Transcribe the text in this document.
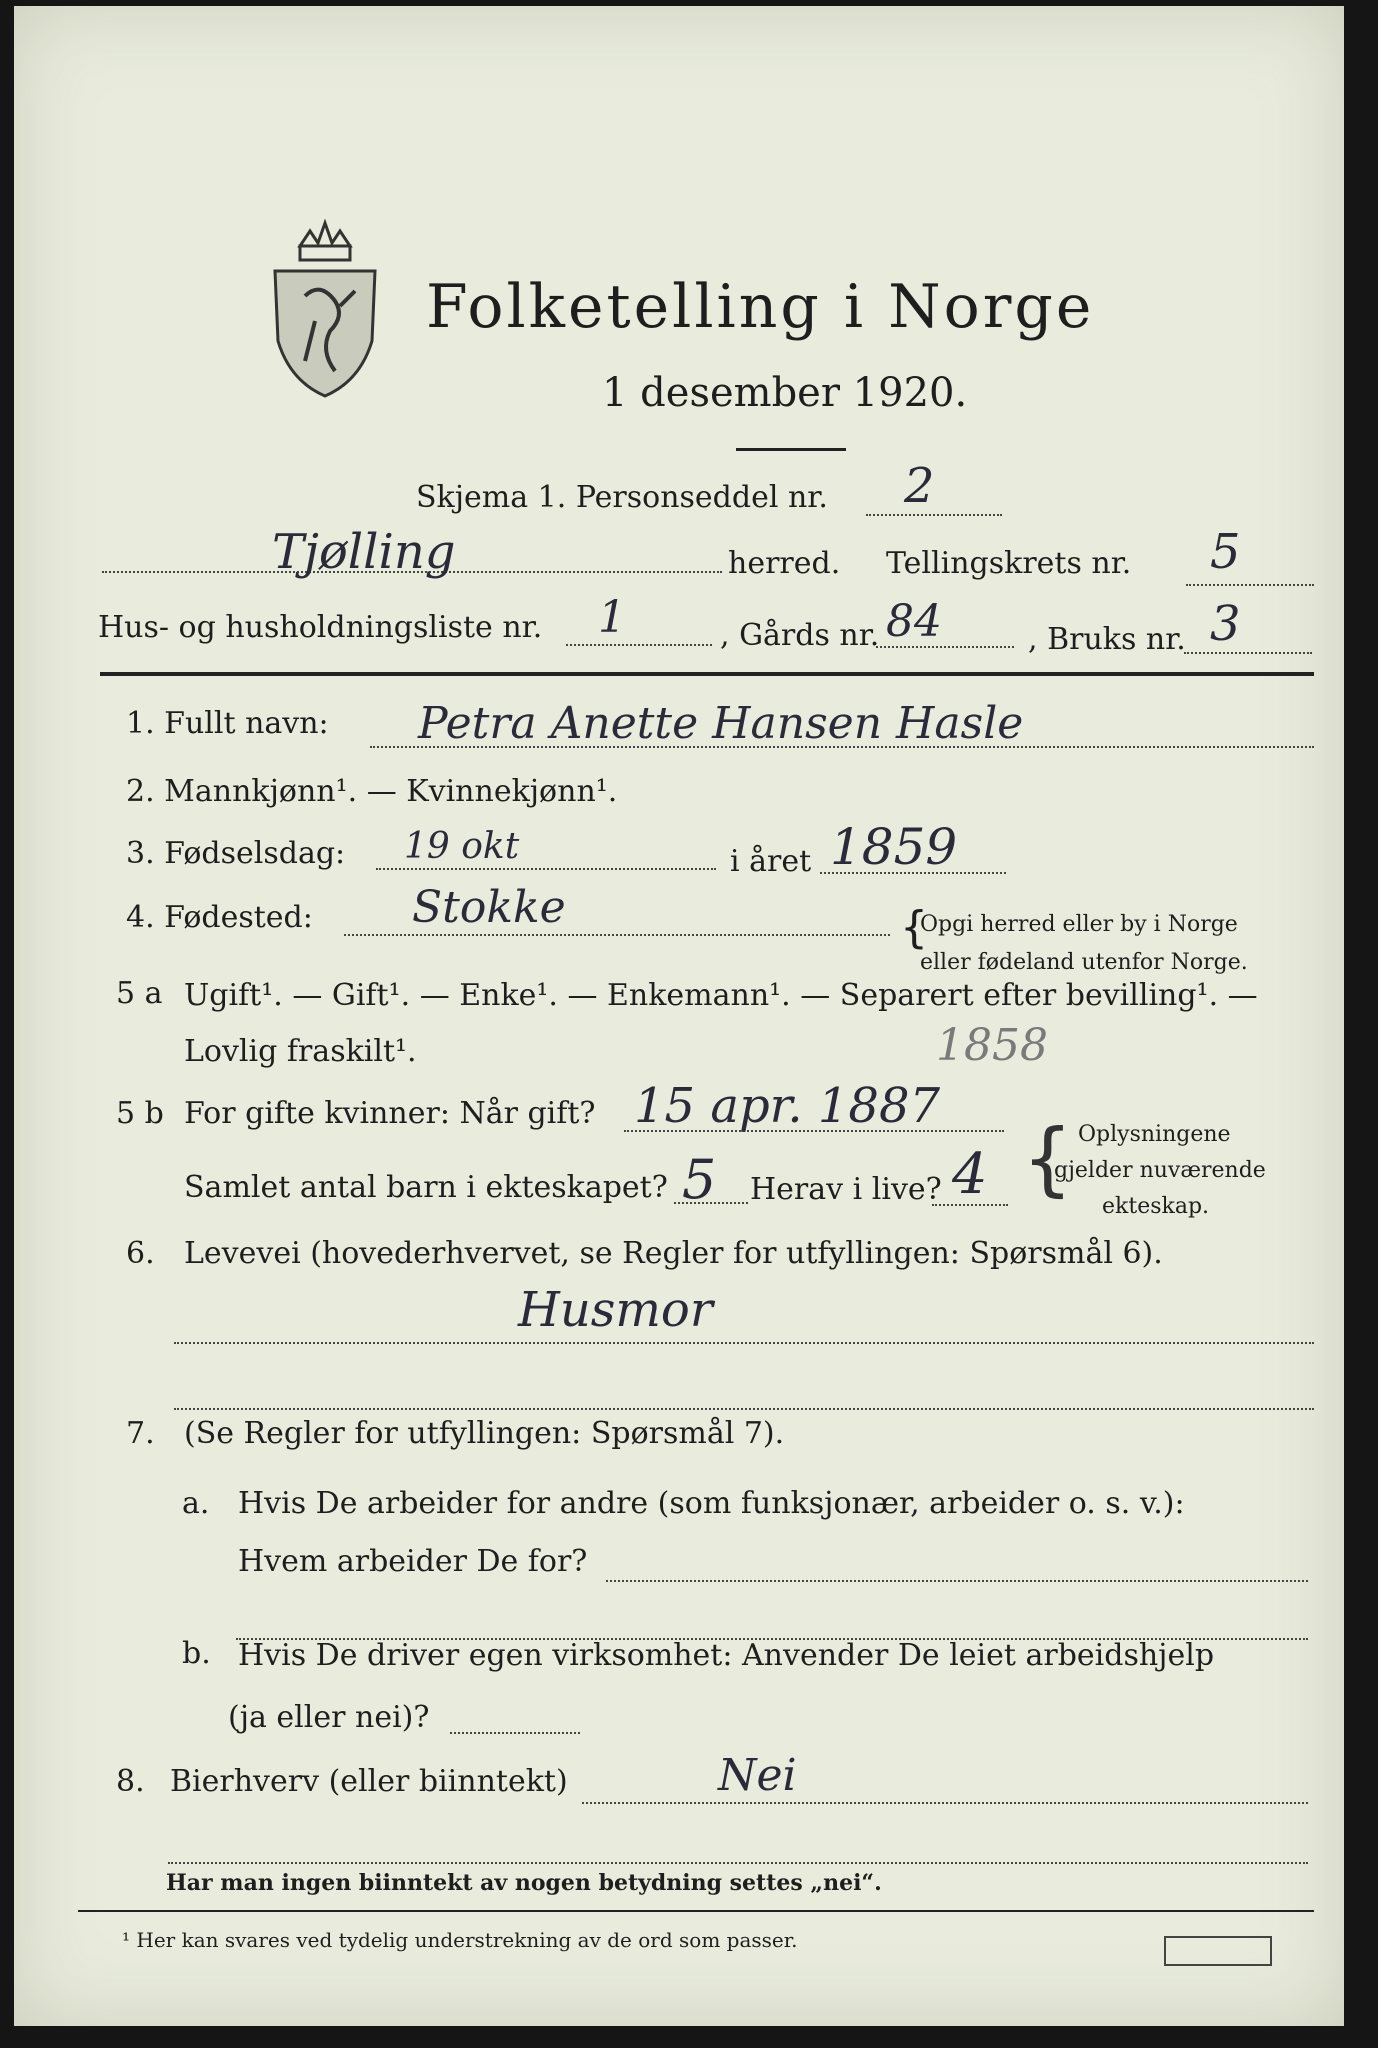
Folketelling i Norge
1 desember 1920.
Skjema 1. Personseddel nr. 2
Tjølling	herred. Tellingskrets nr. 5
Hus- og husholdningsliste nr. 1	, Gårds nr. 84	, Bruks nr. 3
1. Fullt navn: Petra Anette Hansen Hasle
2. Mannkjønn¹. — Kvinnekjønn¹.
3. Fødselsdag: 19 okt	i året 1859
4. Fødested: Stokke	{
Opgi herred eller by i Norge
eller fødeland utenfor Norge.
5 a Ugift¹. — Gift¹. — Enke¹. — Enkemann¹. — Separert efter bevilling¹. —
Lovlig fraskilt¹.	1858
5 b For gifte kvinner: Når gift? 15 apr. 1887
Samlet antal barn i ekteskapet? 5 Herav i live? 4 { Oplysningene
gjelder nuværende
ekteskap.
6. Levevei (hovederhvervet, se Regler for utfyllingen: Spørsmål 6).
Husmor
7. (Se Regler for utfyllingen: Spørsmål 7).
a. Hvis De arbeider for andre (som funksjonær, arbeider o. s. v.):
Hvem arbeider De for?
b. Hvis De driver egen virksomhet: Anvender De leiet arbeidshjelp
(ja eller nei)?
8. Bierhverv (eller biinntekt)	Nei
Har man ingen biinntekt av nogen betydning settes „nei“.
¹ Her kan svares ved tydelig understrekning av de ord som passer.
